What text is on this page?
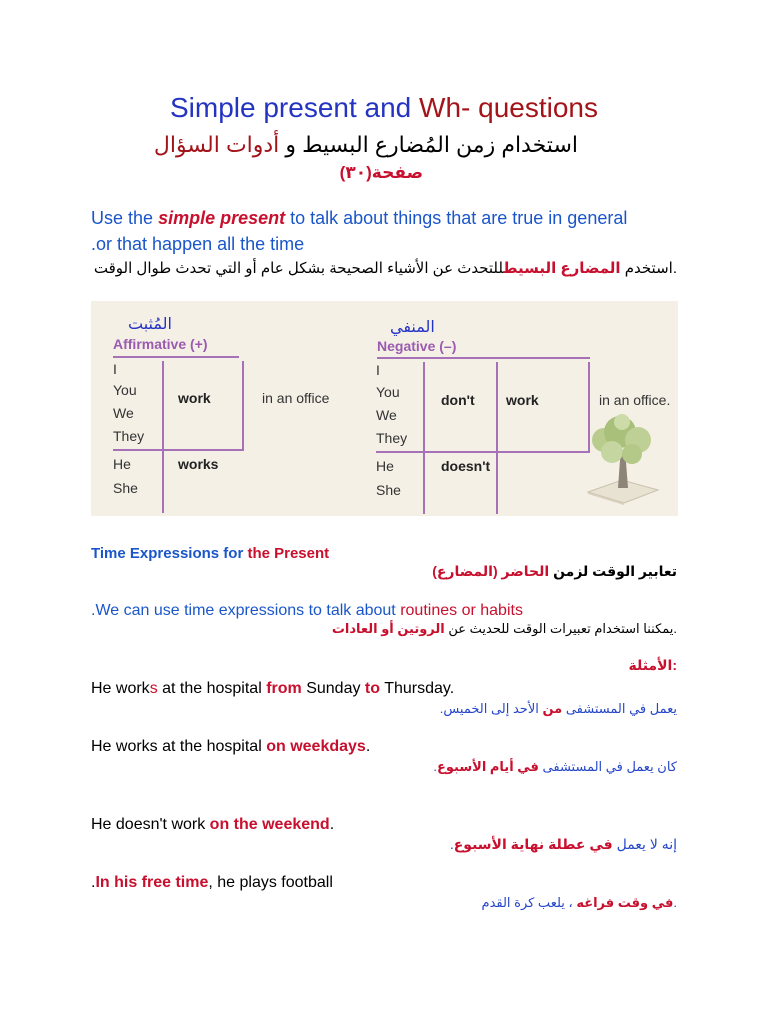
Simple present and Wh- questions
استخدام زمن المُضارع البسيط و أدوات السؤال
صفحة(٣٠)
Use the simple present to talk about things that are true in general
.or that happen all the time
.استخدم المضارع البسيطللتحدث عن الأشياء الصحيحة بشكل عام أو التي تحدث طوال الوقت
المُثبت
Affirmative (+)
I
You
We
They
work	in an office
He
She
works
المنفي
Negative (–)
I
You
We
They
don't work	in an office.
He
She
doesn't
Time Expressions for the Present
تعابير الوقت لزمن الحاضر (المضارع)
.We can use time expressions to talk about routines or habits
.يمكننا استخدام تعبيرات الوقت للحديث عن الروتين أو العادات
:الأمثلة
He works at the hospital from Sunday to Thursday.
يعمل في المستشفى من الأحد إلى الخميس.
He works at the hospital on weekdays.
كان يعمل في المستشفى في أيام الأسبوع.
He doesn't work on the weekend.
إنه لا يعمل في عطلة نهاية الأسبوع.
.In his free time, he plays football
.في وقت فراغه ، يلعب كرة القدم
